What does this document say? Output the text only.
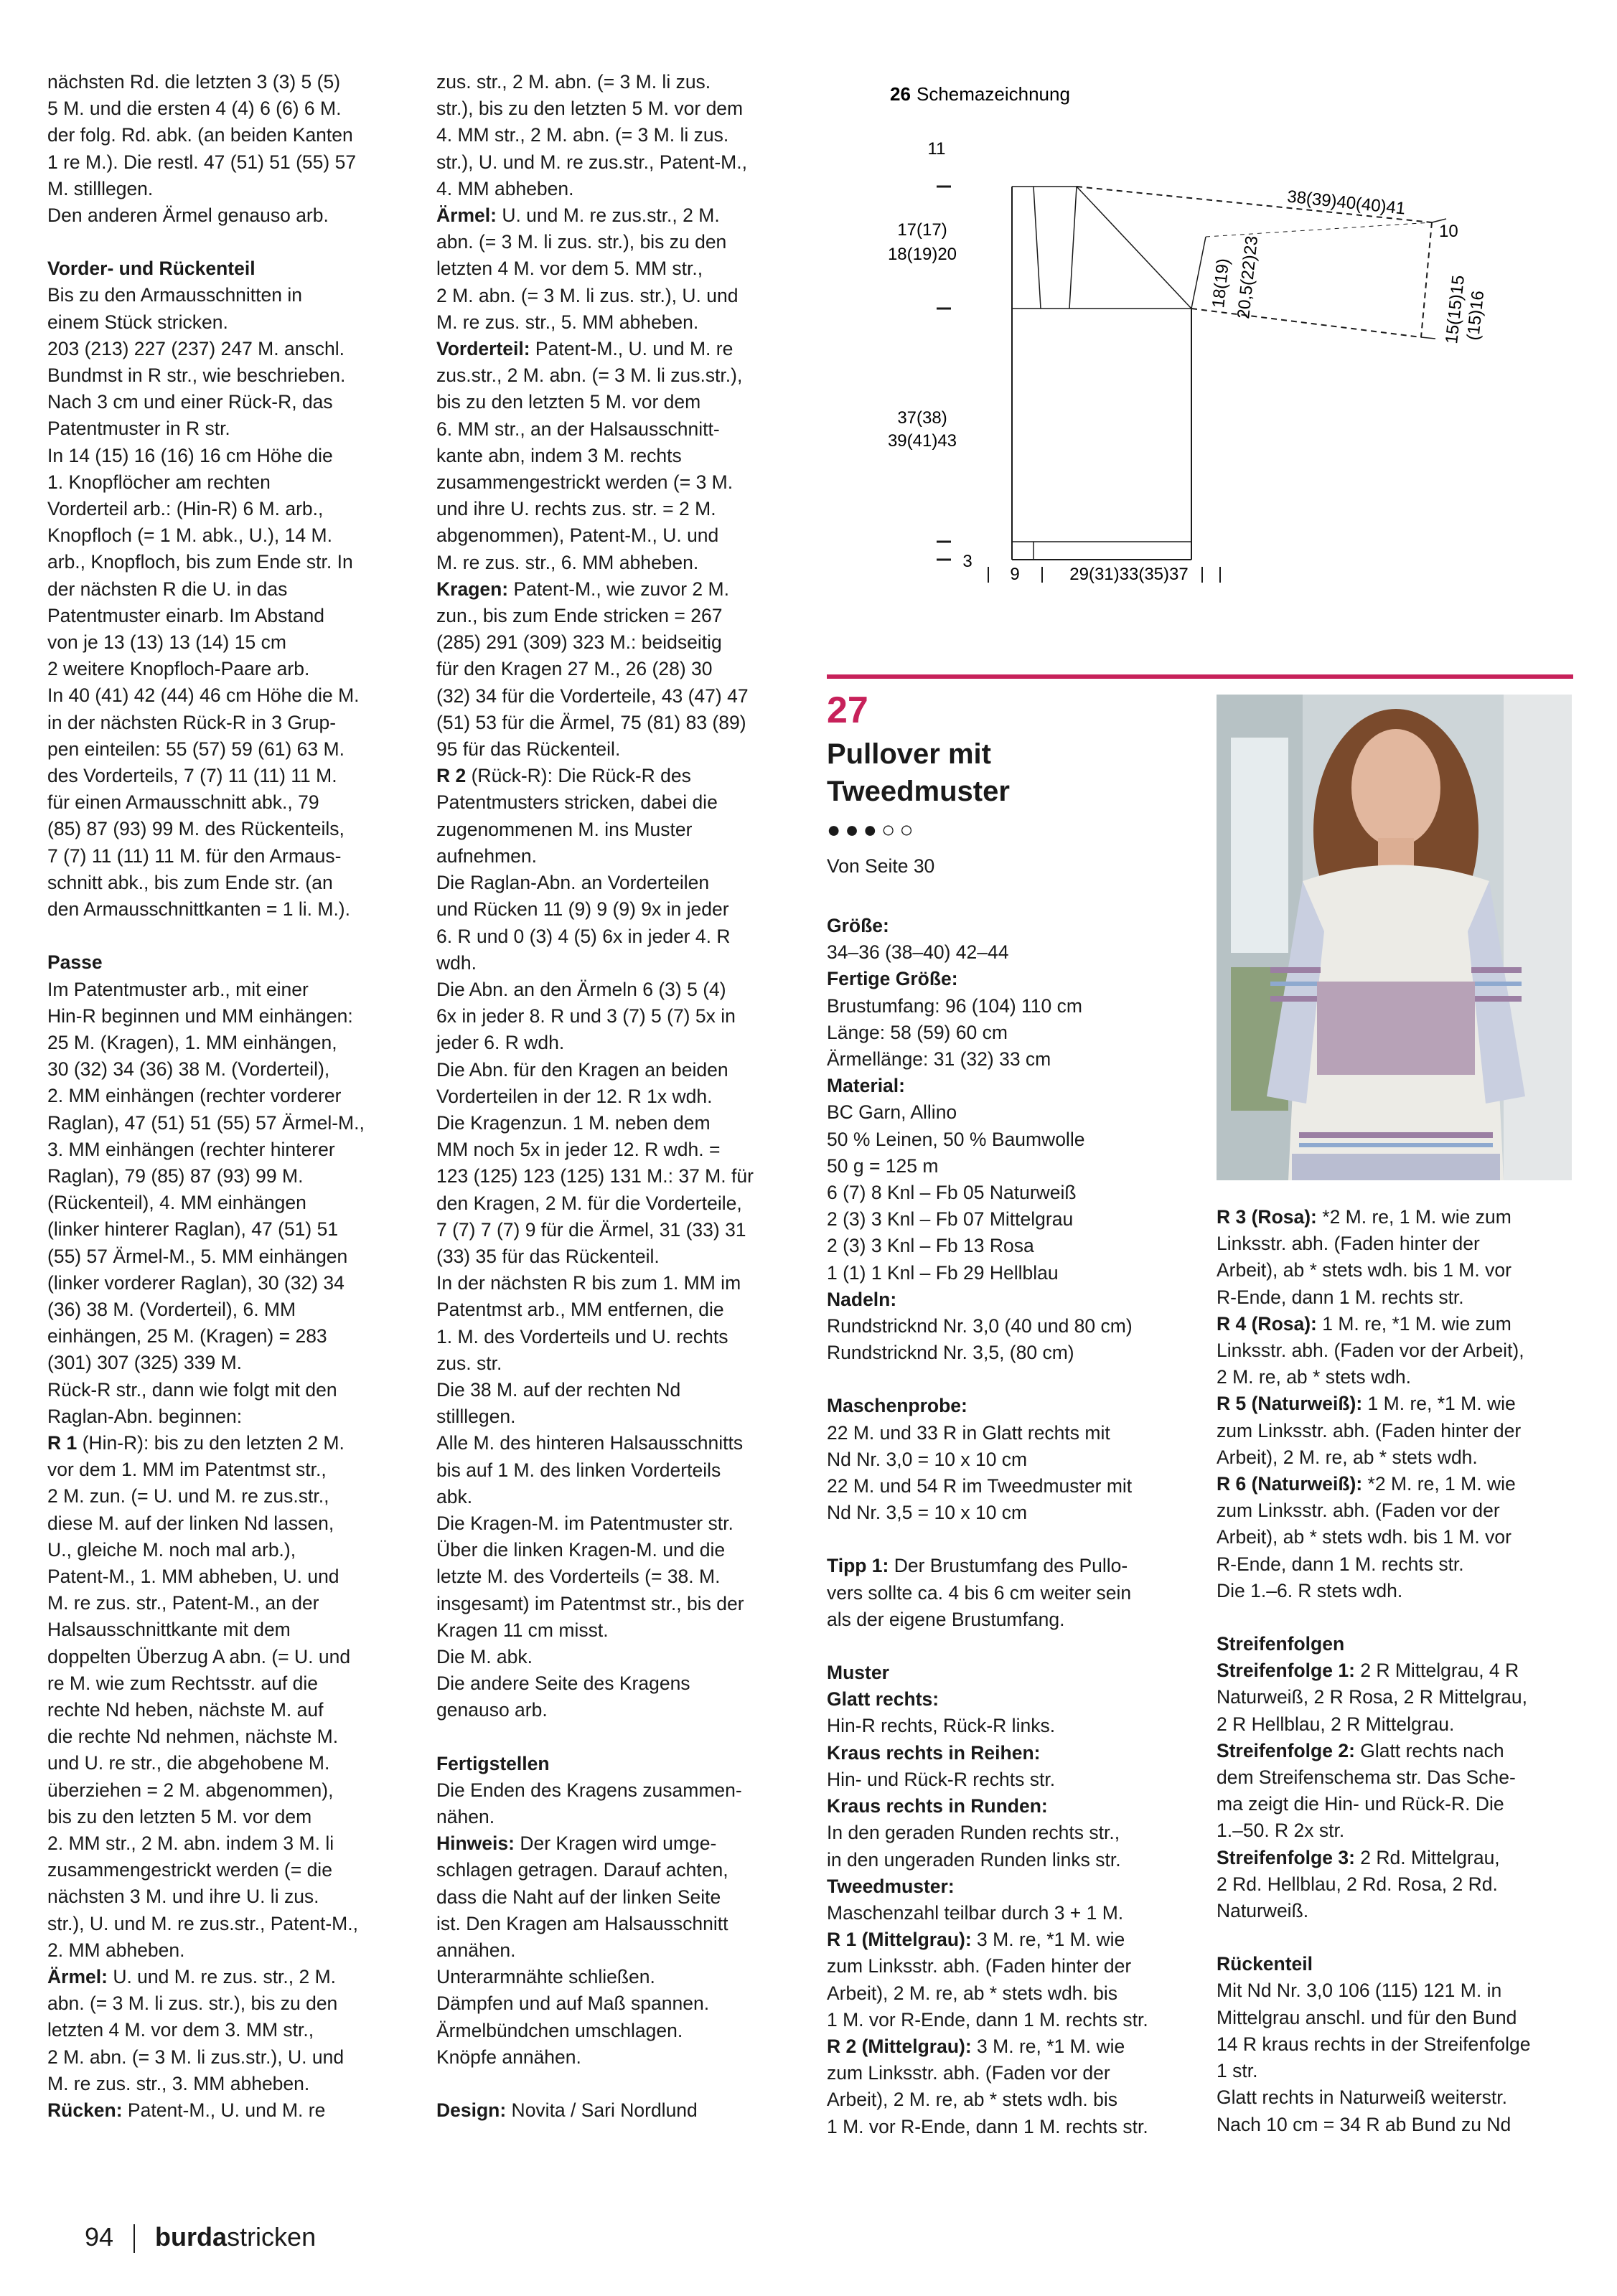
nächsten Rd. die letzten 3 (3) 5 (5)

5 M. und die ersten 4 (4) 6 (6) 6 M.

der folg. Rd. abk. (an beiden Kanten

1 re M.). Die restl. 47 (51) 51 (55) 57

M. stilllegen.

Den anderen Ärmel genauso arb.

Vorder- und Rückenteil

Bis zu den Armausschnitten in

einem Stück stricken.

203 (213) 227 (237) 247 M. anschl.

Bundmst in R str., wie beschrieben.

Nach 3 cm und einer Rück-R, das

Patentmuster in R str.

In 14 (15) 16 (16) 16 cm Höhe die

1. Knopflöcher am rechten

Vorderteil arb.: (Hin-R) 6 M. arb.,

Knopfloch (= 1 M. abk., U.), 14 M.

arb., Knopfloch, bis zum Ende str. In

der nächsten R die U. in das

Patentmuster einarb. Im Abstand

von je 13 (13) 13 (14) 15 cm

2 weitere Knopfloch-Paare arb.

In 40 (41) 42 (44) 46 cm Höhe die M.

in der nächsten Rück-R in 3 Grup-

pen einteilen: 55 (57) 59 (61) 63 M.

des Vorderteils, 7 (7) 11 (11) 11 M.

für einen Armausschnitt abk., 79

(85) 87 (93) 99 M. des Rückenteils,

7 (7) 11 (11) 11 M. für den Armaus-

schnitt abk., bis zum Ende str. (an

den Armausschnittkanten = 1 li. M.).

Passe

Im Patentmuster arb., mit einer

Hin-R beginnen und MM einhängen:

25 M. (Kragen), 1. MM einhängen,

30 (32) 34 (36) 38 M. (Vorderteil),

2. MM einhängen (rechter vorderer

Raglan), 47 (51) 51 (55) 57 Ärmel-M.,

3. MM einhängen (rechter hinterer

Raglan), 79 (85) 87 (93) 99 M.

(Rückenteil), 4. MM einhängen

(linker hinterer Raglan), 47 (51) 51

(55) 57 Ärmel-M., 5. MM einhängen

(linker vorderer Raglan), 30 (32) 34

(36) 38 M. (Vorderteil), 6. MM

einhängen, 25 M. (Kragen) = 283

(301) 307 (325) 339 M.

Rück-R str., dann wie folgt mit den

Raglan-Abn. beginnen:

R 1 (Hin-R): bis zu den letzten 2 M.

vor dem 1. MM im Patentmst str.,

2 M. zun. (= U. und M. re zus.str.,

diese M. auf der linken Nd lassen,

U., gleiche M. noch mal arb.),

Patent-M., 1. MM abheben, U. und

M. re zus. str., Patent-M., an der

Halsausschnittkante mit dem

doppelten Überzug A abn. (= U. und

re M. wie zum Rechtsstr. auf die

rechte Nd heben, nächste M. auf

die rechte Nd nehmen, nächste M.

und U. re str., die abgehobene M.

überziehen = 2 M. abgenommen),

bis zu den letzten 5 M. vor dem

2. MM str., 2 M. abn. indem 3 M. li

zusammengestrickt werden (= die

nächsten 3 M. und ihre U. li zus.

str.), U. und M. re zus.str., Patent-M.,

2. MM abheben.

Ärmel: U. und M. re zus. str., 2 M.

abn. (= 3 M. li zus. str.), bis zu den

letzten 4 M. vor dem 3. MM str.,

2 M. abn. (= 3 M. li zus.str.), U. und

M. re zus. str., 3. MM abheben.

Rücken: Patent-M., U. und M. re

zus. str., 2 M. abn. (= 3 M. li zus.

str.), bis zu den letzten 5 M. vor dem

4. MM str., 2 M. abn. (= 3 M. li zus.

str.), U. und M. re zus.str., Patent-M.,

4. MM abheben.

Ärmel: U. und M. re zus.str., 2 M.

abn. (= 3 M. li zus. str.), bis zu den

letzten 4 M. vor dem 5. MM str.,

2 M. abn. (= 3 M. li zus. str.), U. und

M. re zus. str., 5. MM abheben.

Vorderteil: Patent-M., U. und M. re

zus.str., 2 M. abn. (= 3 M. li zus.str.),

bis zu den letzten 5 M. vor dem

6. MM str., an der Halsausschnitt-

kante abn, indem 3 M. rechts

zusammengestrickt werden (= 3 M.

und ihre U. rechts zus. str. = 2 M.

abgenommen), Patent-M., U. und

M. re zus. str., 6. MM abheben.

Kragen: Patent-M., wie zuvor 2 M.

zun., bis zum Ende stricken = 267

(285) 291 (309) 323 M.: beidseitig

für den Kragen 27 M., 26 (28) 30

(32) 34 für die Vorderteile, 43 (47) 47

(51) 53 für die Ärmel, 75 (81) 83 (89)

95 für das Rückenteil.

R 2 (Rück-R): Die Rück-R des

Patentmusters stricken, dabei die

zugenommenen M. ins Muster

aufnehmen.

Die Raglan-Abn. an Vorderteilen

und Rücken 11 (9) 9 (9) 9x in jeder

6. R und 0 (3) 4 (5) 6x in jeder 4. R

wdh.

Die Abn. an den Ärmeln 6 (3) 5 (4)

6x in jeder 8. R und 3 (7) 5 (7) 5x in

jeder 6. R wdh.

Die Abn. für den Kragen an beiden

Vorderteilen in der 12. R 1x wdh.

Die Kragenzun. 1 M. neben dem

MM noch 5x in jeder 12. R wdh. =

123 (125) 123 (125) 131 M.: 37 M. für

den Kragen, 2 M. für die Vorderteile,

7 (7) 7 (7) 9 für die Ärmel, 31 (33) 31

(33) 35 für das Rückenteil.

In der nächsten R bis zum 1. MM im

Patentmst arb., MM entfernen, die

1. M. des Vorderteils und U. rechts

zus. str.

Die 38 M. auf der rechten Nd

stilllegen.

Alle M. des hinteren Halsausschnitts

bis auf 1 M. des linken Vorderteils

abk.

Die Kragen-M. im Patentmuster str.

Über die linken Kragen-M. und die

letzte M. des Vorderteils (= 38. M.

insgesamt) im Patentmst str., bis der

Kragen 11 cm misst.

Die M. abk.

Die andere Seite des Kragens

genauso arb.

Fertigstellen

Die Enden des Kragens zusammen-

nähen.

Hinweis: Der Kragen wird umge-

schlagen getragen. Darauf achten,

dass die Naht auf der linken Seite

ist. Den Kragen am Halsausschnitt

annähen.

Unterarmnähte schließen.

Dämpfen und auf Maß spannen.

Ärmelbündchen umschlagen.

Knöpfe annähen.

Design: Novita / Sari Nordlund

26 Schemazeichnung
11
17(17)
18(19)20
37(38)
39(41)43
3
9	29(31)33(35)37
38(39)40(40)41
10
18(19) 20,5(22)23	15(15)15
(15)16
27
Pullover mit
Tweedmuster
●●●○○
Von Seite 30

Größe:

34–36 (38–40) 42–44

Fertige Größe:

Brustumfang: 96 (104) 110 cm

Länge: 58 (59) 60 cm

Ärmellänge: 31 (32) 33 cm

Material:

BC Garn, Allino

50 % Leinen, 50 % Baumwolle

50 g = 125 m

6 (7) 8 Knl – Fb 05 Naturweiß

2 (3) 3 Knl – Fb 07 Mittelgrau

2 (3) 3 Knl – Fb 13 Rosa

1 (1) 1 Knl – Fb 29 Hellblau

Nadeln:

Rundstricknd Nr. 3,0 (40 und 80 cm)

Rundstricknd Nr. 3,5, (80 cm)

Maschenprobe:

22 M. und 33 R in Glatt rechts mit

Nd Nr. 3,0 = 10 x 10 cm

22 M. und 54 R im Tweedmuster mit

Nd Nr. 3,5 = 10 x 10 cm

Tipp 1: Der Brustumfang des Pullo-

vers sollte ca. 4 bis 6 cm weiter sein

als der eigene Brustumfang.

Muster

Glatt rechts:

Hin-R rechts, Rück-R links.

Kraus rechts in Reihen:

Hin- und Rück-R rechts str.

Kraus rechts in Runden:

In den geraden Runden rechts str.,

in den ungeraden Runden links str.

Tweedmuster:

Maschenzahl teilbar durch 3 + 1 M.

R 1 (Mittelgrau): 3 M. re, *1 M. wie

zum Linksstr. abh. (Faden hinter der

Arbeit), 2 M. re, ab * stets wdh. bis

1 M. vor R-Ende, dann 1 M. rechts str.

R 2 (Mittelgrau): 3 M. re, *1 M. wie

zum Linksstr. abh. (Faden vor der

Arbeit), 2 M. re, ab * stets wdh. bis

1 M. vor R-Ende, dann 1 M. rechts str.

R 3 (Rosa): *2 M. re, 1 M. wie zum

Linksstr. abh. (Faden hinter der

Arbeit), ab * stets wdh. bis 1 M. vor

R-Ende, dann 1 M. rechts str.

R 4 (Rosa): 1 M. re, *1 M. wie zum

Linksstr. abh. (Faden vor der Arbeit),

2 M. re, ab * stets wdh.

R 5 (Naturweiß): 1 M. re, *1 M. wie

zum Linksstr. abh. (Faden hinter der

Arbeit), 2 M. re, ab * stets wdh.

R 6 (Naturweiß): *2 M. re, 1 M. wie

zum Linksstr. abh. (Faden vor der

Arbeit), ab * stets wdh. bis 1 M. vor

R-Ende, dann 1 M. rechts str.

Die 1.–6. R stets wdh.

Streifenfolgen

Streifenfolge 1: 2 R Mittelgrau, 4 R

Naturweiß, 2 R Rosa, 2 R Mittelgrau,

2 R Hellblau, 2 R Mittelgrau.

Streifenfolge 2: Glatt rechts nach

dem Streifenschema str. Das Sche-

ma zeigt die Hin- und Rück-R. Die

1.–50. R 2x str.

Streifenfolge 3: 2 Rd. Mittelgrau,

2 Rd. Hellblau, 2 Rd. Rosa, 2 Rd.

Naturweiß.

Rückenteil

Mit Nd Nr. 3,0 106 (115) 121 M. in

Mittelgrau anschl. und für den Bund

14 R kraus rechts in der Streifenfolge

1 str.

Glatt rechts in Naturweiß weiterstr.

Nach 10 cm = 34 R ab Bund zu Nd

94 burdastricken
